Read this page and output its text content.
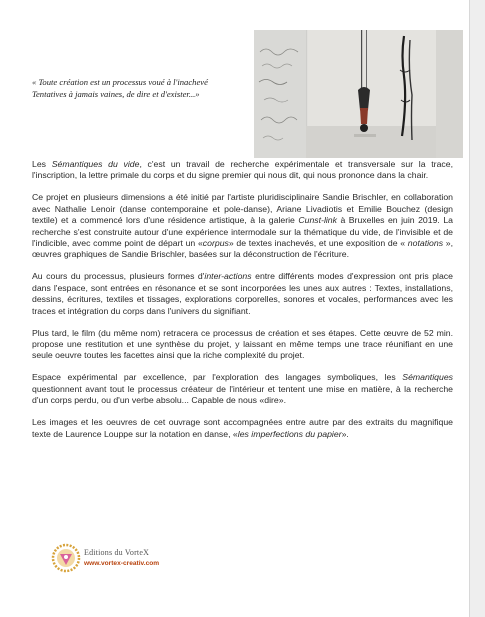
« Toute création est un processus voué à l'inachevé
Tentatives à jamais vaines, de dire et d'exister...»

Les Sémantiques du vide, c'est un travail de recherche expérimentale et transversale sur la trace, l'inscription, la lettre primale du corps et du signe premier qui nous dit, qui nous prononce dans la chair.

Ce projet en plusieurs dimensions a été initié par l'artiste pluridisciplinaire Sandie Brischler, en collaboration avec Nathalie Lenoir (danse contemporaine et pole-danse), Ariane Livadiotis et Emilie Bouchez (design textile) et a commencé lors d'une résidence artistique, à la galerie Cunst-link à Bruxelles en juin 2019. La recherche s'est construite autour d'une expérience intermodale sur la thématique du vide, de l'invisible et de l'indicible, avec comme point de départ un «corpus» de textes inachevés, et une exposition de « notations », œuvres graphiques de Sandie Brischler, basées sur la déconstruction de l'écriture.

Au cours du processus, plusieurs formes d'inter-actions entre différents modes d'expression ont pris place dans l'espace, sont entrées en résonance et se sont incorporées les unes aux autres : Textes, installations, dessins, écritures, textiles et tissages, explorations corporelles, sonores et vocales, performances avec les traces et intégration du corps dans l'univers du signifiant.

Plus tard, le film (du même nom) retracera ce processus de création et ses étapes. Cette œuvre de 52 min. propose une restitution et une synthèse du projet, y laissant en même temps une trace réunifiant en une seule oeuvre toutes les facettes ainsi que la riche complexité du projet.

Espace expérimental par excellence, par l'exploration des langages symboliques, les Sémantiques questionnent avant tout le processus créateur de l'intérieur et tentent une mise en matière, à la recherche d'un corps perdu, ou d'un verbe absolu... Capable de nous «dire».

Les images et les oeuvres de cet ouvrage sont accompagnées entre autre par des extraits du magnifique texte de Laurence Louppe sur la notation en danse, «les imperfections du papier».

Editions du VorteX
www.vortex-creativ.com
